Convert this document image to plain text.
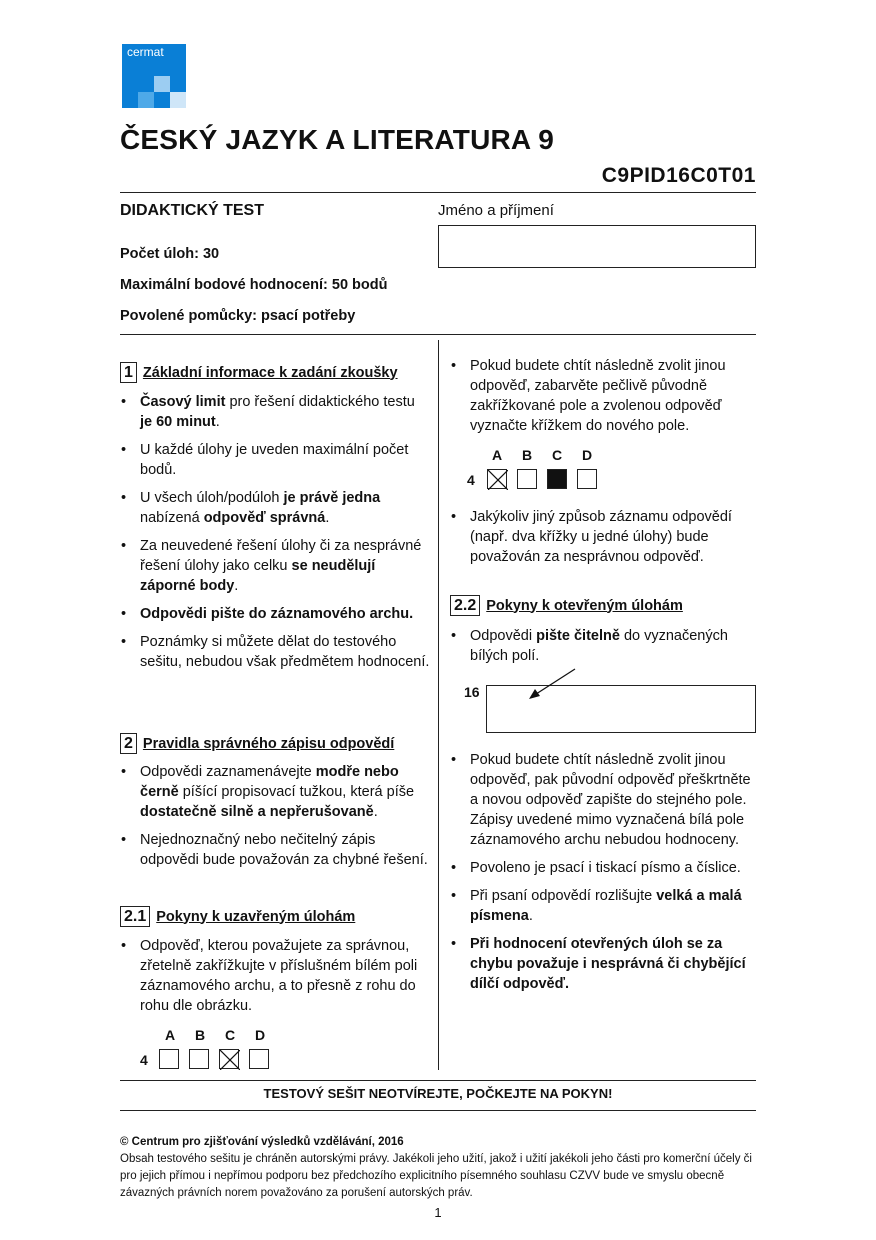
cermat
ČESKÝ JAZYK A LITERATURA 9
C9PID16C0T01
DIDAKTICKÝ TEST
Počet úloh: 30
Maximální bodové hodnocení: 50 bodů
Povolené pomůcky: psací potřeby
Jméno a příjmení
1 Základní informace k zadání zkoušky
• Časový limit pro řešení didaktického testu je 60 minut.
• U každé úlohy je uveden maximální počet bodů.
• U všech úloh/podúloh je právě jedna nabízená odpověď správná.
• Za neuvedené řešení úlohy či za nesprávné řešení úlohy jako celku se neudělují záporné body.
• Odpovědi pište do záznamového archu.
• Poznámky si můžete dělat do testového sešitu, nebudou však předmětem hodnocení.
2 Pravidla správného zápisu odpovědí
• Odpovědi zaznamenávejte modře nebo černě píšící propisovací tužkou, která píše dostatečně silně a nepřerušovaně.
• Nejednoznačný nebo nečitelný zápis odpovědi bude považován za chybné řešení.
2.1 Pokyny k uzavřeným úlohám
• Odpověď, kterou považujete za správnou, zřetelně zakřížkujte v příslušném bílém poli záznamového archu, a to přesně z rohu do rohu dle obrázku.
A	B	C	D
4
• Pokud budete chtít následně zvolit jinou odpověď, zabarvěte pečlivě původně zakřížkované pole a zvolenou odpověď vyznačte křížkem do nového pole.
A	B	C	D
4
• Jakýkoliv jiný způsob záznamu odpovědí (např. dva křížky u jedné úlohy) bude považován za nesprávnou odpověď.
2.2 Pokyny k otevřeným úlohám
• Odpovědi pište čitelně do vyznačených bílých polí.
16
• Pokud budete chtít následně zvolit jinou odpověď, pak původní odpověď přeškrtněte a novou odpověď zapište do stejného pole. Zápisy uvedené mimo vyznačená bílá pole záznamového archu nebudou hodnoceny.
• Povoleno je psací i tiskací písmo a číslice.
• Při psaní odpovědí rozlišujte velká a malá písmena.
• Při hodnocení otevřených úloh se za chybu považuje i nesprávná či chybějící dílčí odpověď.
TESTOVÝ SEŠIT NEOTVÍREJTE, POČKEJTE NA POKYN!
© Centrum pro zjišťování výsledků vzdělávání, 2016
Obsah testového sešitu je chráněn autorskými právy. Jakékoli jeho užití, jakož i užití jakékoli jeho části pro komerční účely či pro jejich přímou i nepřímou podporu bez předchozího explicitního písemného souhlasu CZVV bude ve smyslu obecně závazných právních norem považováno za porušení autorských práv.
1
